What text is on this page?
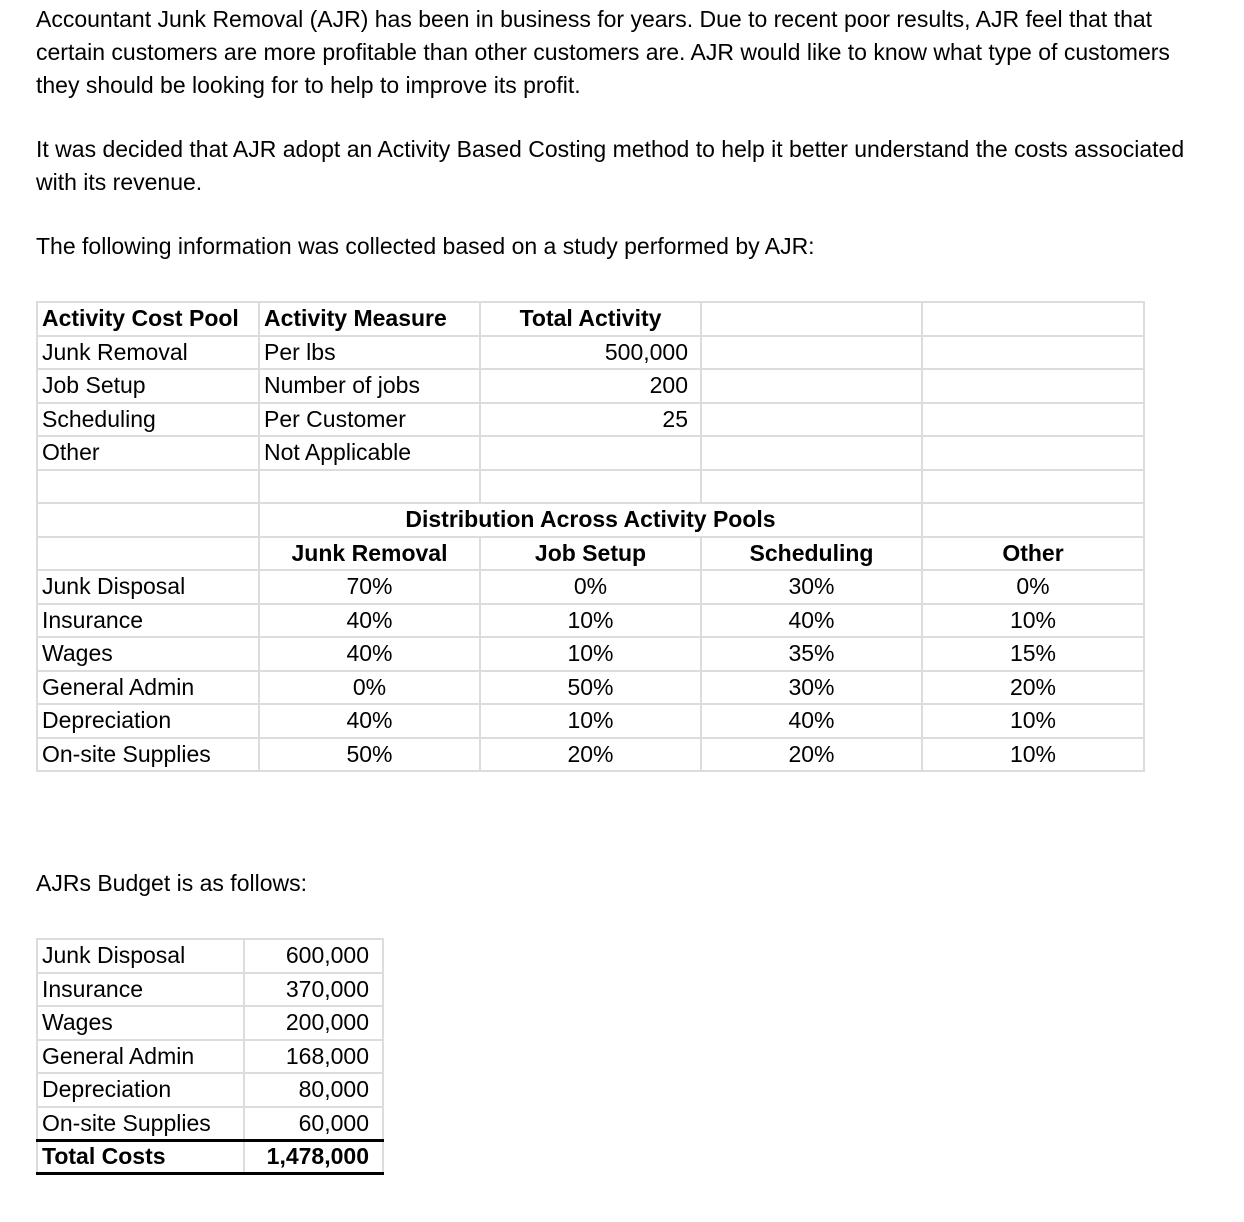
Accountant Junk Removal (AJR) has been in business for years. Due to recent poor results, AJR feel that that certain customers are more profitable than other customers are. AJR would like to know what type of customers they should be looking for to help to improve its profit.

It was decided that AJR adopt an Activity Based Costing method to help it better understand the costs associated with its revenue.

The following information was collected based on a study performed by AJR:

Activity Cost Pool	Activity Measure	Total Activity		
Junk Removal	Per lbs	500,000		
Job Setup	Number of jobs	200		
Scheduling	Per Customer	25		
Other	Not Applicable			

	Distribution Across Activity Pools			
	Junk Removal	Job Setup	Scheduling	Other
Junk Disposal	70%	0%	30%	0%
Insurance	40%	10%	40%	10%
Wages	40%	10%	35%	15%
General Admin	0%	50%	30%	20%
Depreciation	40%	10%	40%	10%
On-site Supplies	50%	20%	20%	10%

AJRs Budget is as follows:

Junk Disposal	600,000
Insurance	370,000
Wages	200,000
General Admin	168,000
Depreciation	80,000
On-site Supplies	60,000
Total Costs	1,478,000
